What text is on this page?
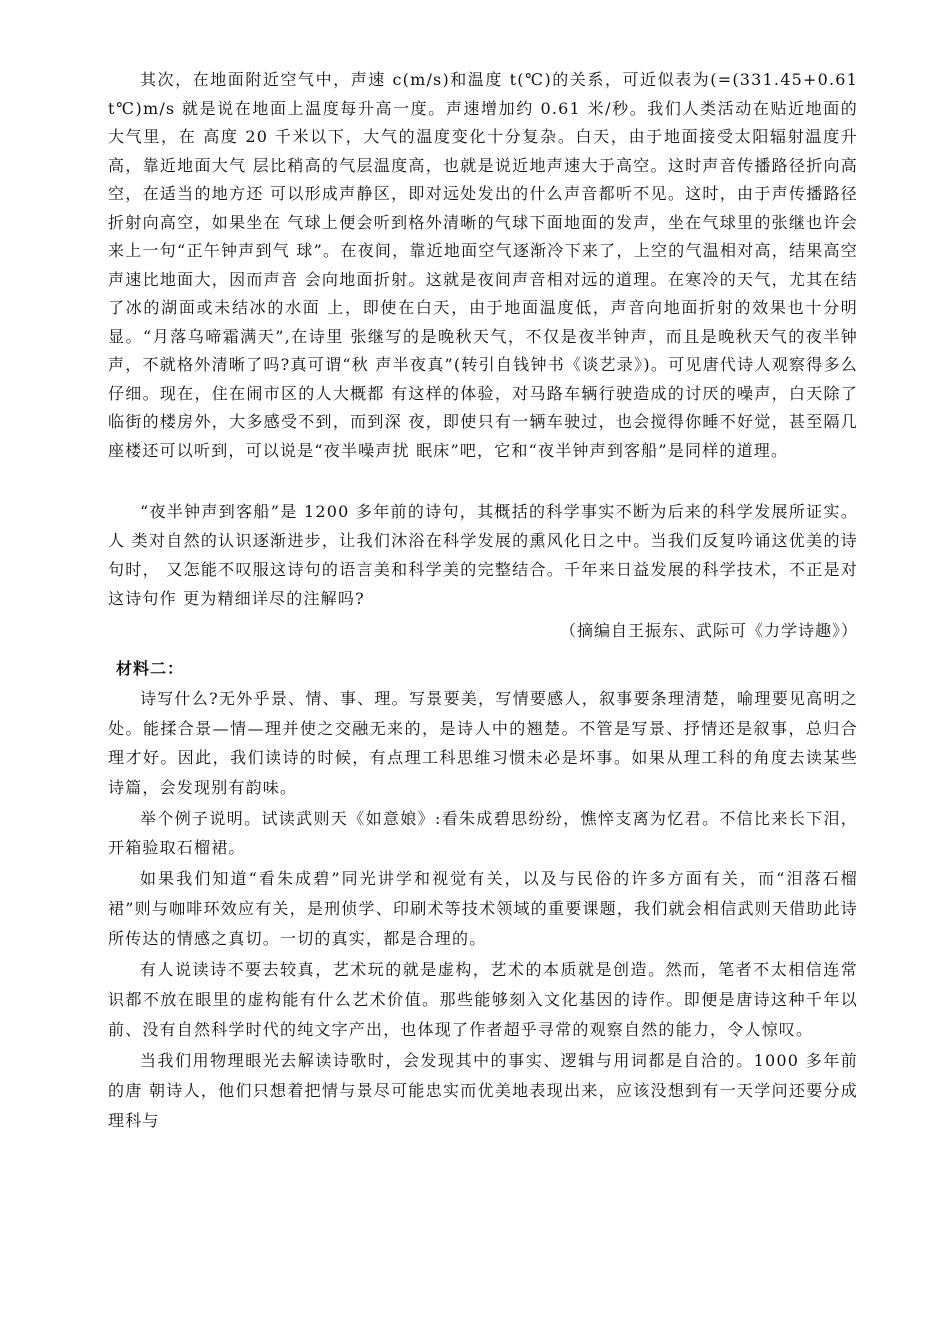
其次，在地面附近空气中，声速 c(m/s)和温度 t(℃)的关系，可近似表为(=(331.45+0.61 t℃)m/s 就是说在地面上温度每升高一度。声速增加约 0.61 米/秒。我们人类活动在贴近地面的大气里，在 高度 20 千米以下，大气的温度变化十分复杂。白天，由于地面接受太阳辐射温度升高，靠近地面大气 层比稍高的气层温度高，也就是说近地声速大于高空。这时声音传播路径折向高空，在适当的地方还 可以形成声静区，即对远处发出的什么声音都听不见。这时，由于声传播路径折射向高空，如果坐在 气球上便会听到格外清晰的气球下面地面的发声，坐在气球里的张继也许会来上一句“正午钟声到气 球”。在夜间，靠近地面空气逐渐冷下来了，上空的气温相对高，结果高空声速比地面大，因而声音 会向地面折射。这就是夜间声音相对远的道理。在寒冷的天气，尤其在结了冰的湖面或未结冰的水面 上，即使在白天，由于地面温度低，声音向地面折射的效果也十分明显。“月落乌啼霜满天”,在诗里 张继写的是晚秋天气，不仅是夜半钟声，而且是晚秋天气的夜半钟声，不就格外清晰了吗?真可谓“秋 声半夜真”(转引自钱钟书《谈艺录》)。可见唐代诗人观察得多么仔细。现在，住在闹市区的人大概都 有这样的体验，对马路车辆行驶造成的讨厌的噪声，白天除了临街的楼房外，大多感受不到，而到深 夜，即使只有一辆车驶过，也会搅得你睡不好觉，甚至隔几座楼还可以听到，可以说是“夜半噪声扰 眠床”吧，它和“夜半钟声到客船”是同样的道理。

“夜半钟声到客船”是 1200 多年前的诗句，其概括的科学事实不断为后来的科学发展所证实。人 类对自然的认识逐渐进步，让我们沐浴在科学发展的熏风化日之中。当我们反复吟诵这优美的诗句时， 又怎能不叹服这诗句的语言美和科学美的完整结合。千年来日益发展的科学技术，不正是对这诗句作 更为精细详尽的注解吗?

（摘编自王振东、武际可《力学诗趣》）
材料二：

诗写什么?无外乎景、情、事、理。写景要美，写情要感人，叙事要条理清楚，喻理要见高明之处。能揉合景—情—理并使之交融无来的，是诗人中的翘楚。不管是写景、抒情还是叙事，总归合理才好。因此，我们读诗的时候，有点理工科思维习惯未必是坏事。如果从理工科的角度去读某些诗篇，会发现别有韵味。

举个例子说明。试读武则天《如意娘》:看朱成碧思纷纷，憔悴支离为忆君。不信比来长下泪，开箱验取石榴裙。

如果我们知道“看朱成碧”同光讲学和视觉有关，以及与民俗的许多方面有关，而“泪落石榴裙”则与咖啡环效应有关，是刑侦学、印刷术等技术领域的重要课题，我们就会相信武则天借助此诗所传达的情感之真切。一切的真实，都是合理的。

有人说读诗不要去较真，艺术玩的就是虚构，艺术的本质就是创造。然而，笔者不太相信连常识都不放在眼里的虚构能有什么艺术价值。那些能够刻入文化基因的诗作。即便是唐诗这种千年以前、没有自然科学时代的纯文字产出，也体现了作者超乎寻常的观察自然的能力，令人惊叹。

当我们用物理眼光去解读诗歌时，会发现其中的事实、逻辑与用词都是自洽的。1000 多年前的唐 朝诗人，他们只想着把情与景尽可能忠实而优美地表现出来，应该没想到有一天学问还要分成理科与
